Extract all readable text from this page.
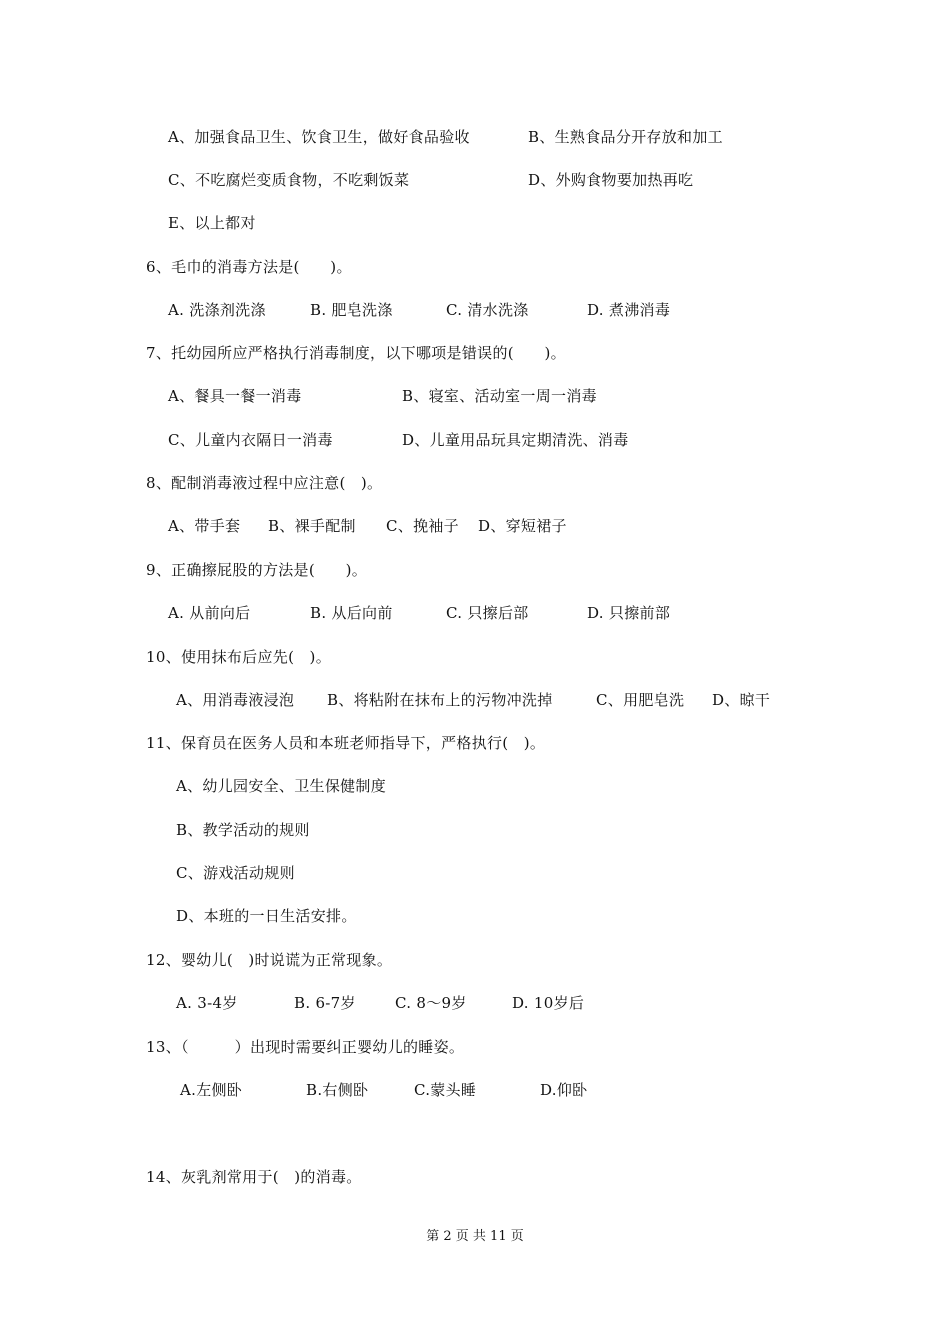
A、加强食品卫生、饮食卫生，做好食品验收	B、生熟食品分开存放和加工
C、不吃腐烂变质食物，不吃剩饭菜	D、外购食物要加热再吃
E、以上都对
6、毛巾的消毒方法是(　　)。
A. 洗涤剂洗涤	B. 肥皂洗涤	C. 清水洗涤	D. 煮沸消毒
7、托幼园所应严格执行消毒制度，以下哪项是错误的(　　)。
A、餐具一餐一消毒	B、寝室、活动室一周一消毒
C、儿童内衣隔日一消毒	D、儿童用品玩具定期清洗、消毒
8、配制消毒液过程中应注意(　)。
A、带手套 B、裸手配制 C、挽袖子 D、穿短裙子
9、正确擦屁股的方法是(　　)。
A. 从前向后	B. 从后向前	C. 只擦后部	D. 只擦前部
10、使用抹布后应先(　)。
A、用消毒液浸泡 B、将粘附在抹布上的污物冲洗掉	C、用肥皂洗 D、晾干
11、保育员在医务人员和本班老师指导下，严格执行(　)。
A、幼儿园安全、卫生保健制度
B、教学活动的规则
C、游戏活动规则
D、本班的一日生活安排。
12、婴幼儿(　)时说谎为正常现象。
A. 3-4岁	B. 6-7岁	C. 8～9岁	D. 10岁后
13、（　　　）出现时需要纠正婴幼儿的睡姿。
A.左侧卧	B.右侧卧	C.蒙头睡	D.仰卧
14、灰乳剂常用于(　)的消毒。
第 2 页 共 11 页
